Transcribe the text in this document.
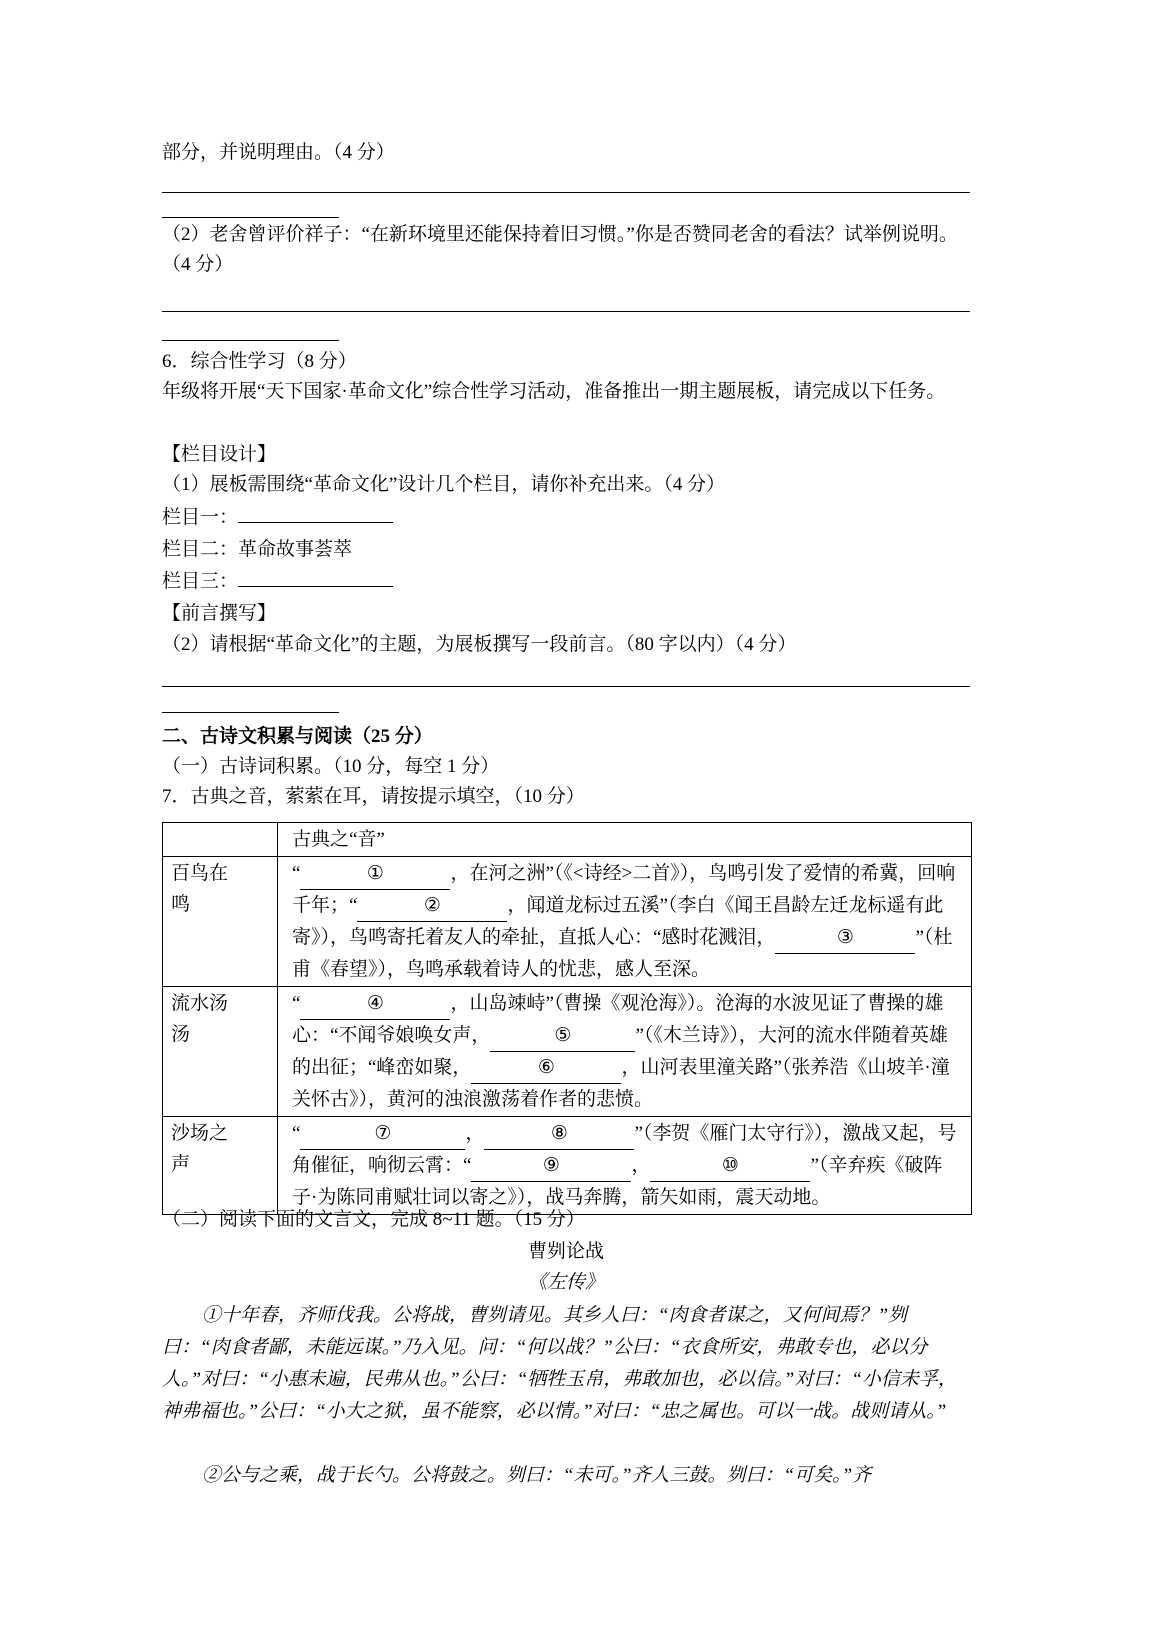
部分，并说明理由。（4 分）

（2）老舍曾评价祥子：“在新环境里还能保持着旧习惯。”你是否赞同老舍的看法？试举例说明。（4 分）

6．综合性学习（8 分）

年级将开展“天下国家·革命文化”综合性学习活动，准备推出一期主题展板，请完成以下任务。

【栏目设计】

（1）展板需围绕“革命文化”设计几个栏目，请你补充出来。（4 分）

栏目一：

栏目二：革命故事荟萃

栏目三：

【前言撰写】

（2）请根据“革命文化”的主题，为展板撰写一段前言。（80 字以内）（4 分）

二、古诗文积累与阅读（25 分）

（一）古诗词积累。（10 分，每空 1 分）

7．古典之音，萦萦在耳，请按提示填空，（10 分）

	古典之“音”
百鸟在鸣	“ ① ，在河之洲”（《<诗经>二首》），鸟鸣引发了爱情的希冀，回响千年；“ ② ，闻道龙标过五溪”（李白《闻王昌龄左迁龙标遥有此寄》），鸟鸣寄托着友人的牵扯，直抵人心：“感时花溅泪， ③ ”（杜甫《春望》），鸟鸣承载着诗人的忧悲，感人至深。
流水汤汤	“ ④ ，山岛竦峙”（曹操《观沧海》）。沧海的水波见证了曹操的雄心：“不闻爷娘唤女声， ⑤ ”（《木兰诗》），大河的流水伴随着英雄的出征；“峰峦如聚， ⑥ ，山河表里潼关路”（张养浩《山坡羊·潼关怀古》），黄河的浊浪激荡着作者的悲愤。
沙场之声	“ ⑦ ， ⑧ ”（李贺《雁门太守行》），激战又起，号角催征，响彻云霄：“ ⑨ ， ⑩ ”（辛弃疾《破阵子·为陈同甫赋壮词以寄之》），战马奔腾，箭矢如雨，震天动地。

（二）阅读下面的文言文，完成 8~11 题。（15 分）

曹刿论战

《左传》

①十年春，齐师伐我。公将战，曹刿请见。其乡人曰：“肉食者谋之，又何间焉？”刿曰：“肉食者鄙，未能远谋。”乃入见。问：“何以战？”公曰：“衣食所安，弗敢专也，必以分人。”对曰：“小惠未遍，民弗从也。”公曰：“牺牲玉帛，弗敢加也，必以信。”对曰：“小信未孚，神弗福也。”公曰：“小大之狱，虽不能察，必以情。”对曰：“忠之属也。可以一战。战则请从。”

②公与之乘，战于长勺。公将鼓之。刿曰：“未可。”齐人三鼓。刿曰：“可矣。”齐
